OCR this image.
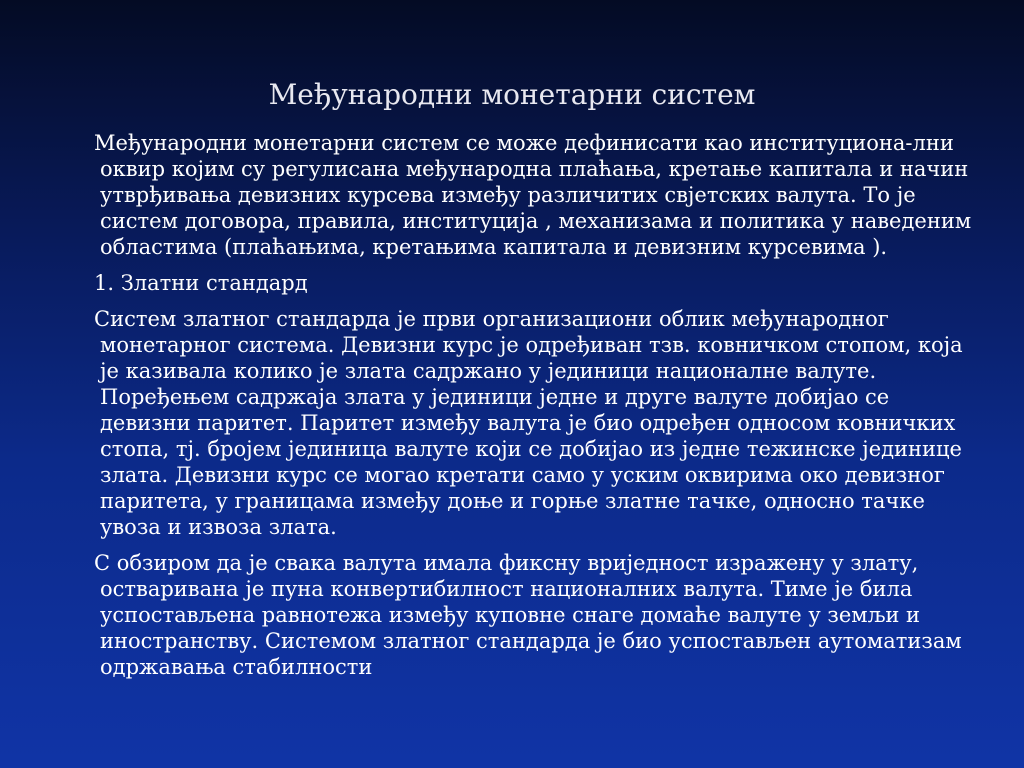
Међународни монетарни систем

Међународни монетарни систем се може дефинисати као институциона-лни оквир којим су регулисана међународна плаћања, кретање капитала и начин утврђивања девизних курсева између различитих свјетских валута. То је систем договора, правила, институција , механизама и политика у наведеним областима (плаћањима, кретањима капитала и девизним курсевима ).

1. Златни стандард

Систем златног стандарда је први организациони облик међународног монетарног система. Девизни курс је одређиван тзв. ковничком стопом, која је казивала колико је злата садржано у јединици националне валуте. Поређењем садржаја злата у јединици једне и друге валуте добијао се девизни паритет. Паритет између валута је био одређен односом ковничких стопа, тј. бројем јединица валуте који се добијао из једне тежинске јединице злата. Девизни курс се могао кретати само у уским оквирима око девизног паритета, у границама између доње и горње златне тачке, односно тачке увоза и извоза злата.

С обзиром да је свака валута имала фиксну вриједност изражену у злату, остваривана је пуна конвертибилност националних валута. Тиме је била успостављена равнотежа између куповне снаге домаће валуте у земљи и иностранству. Системом златног стандарда је био успостављен аутоматизам одржавања стабилности
